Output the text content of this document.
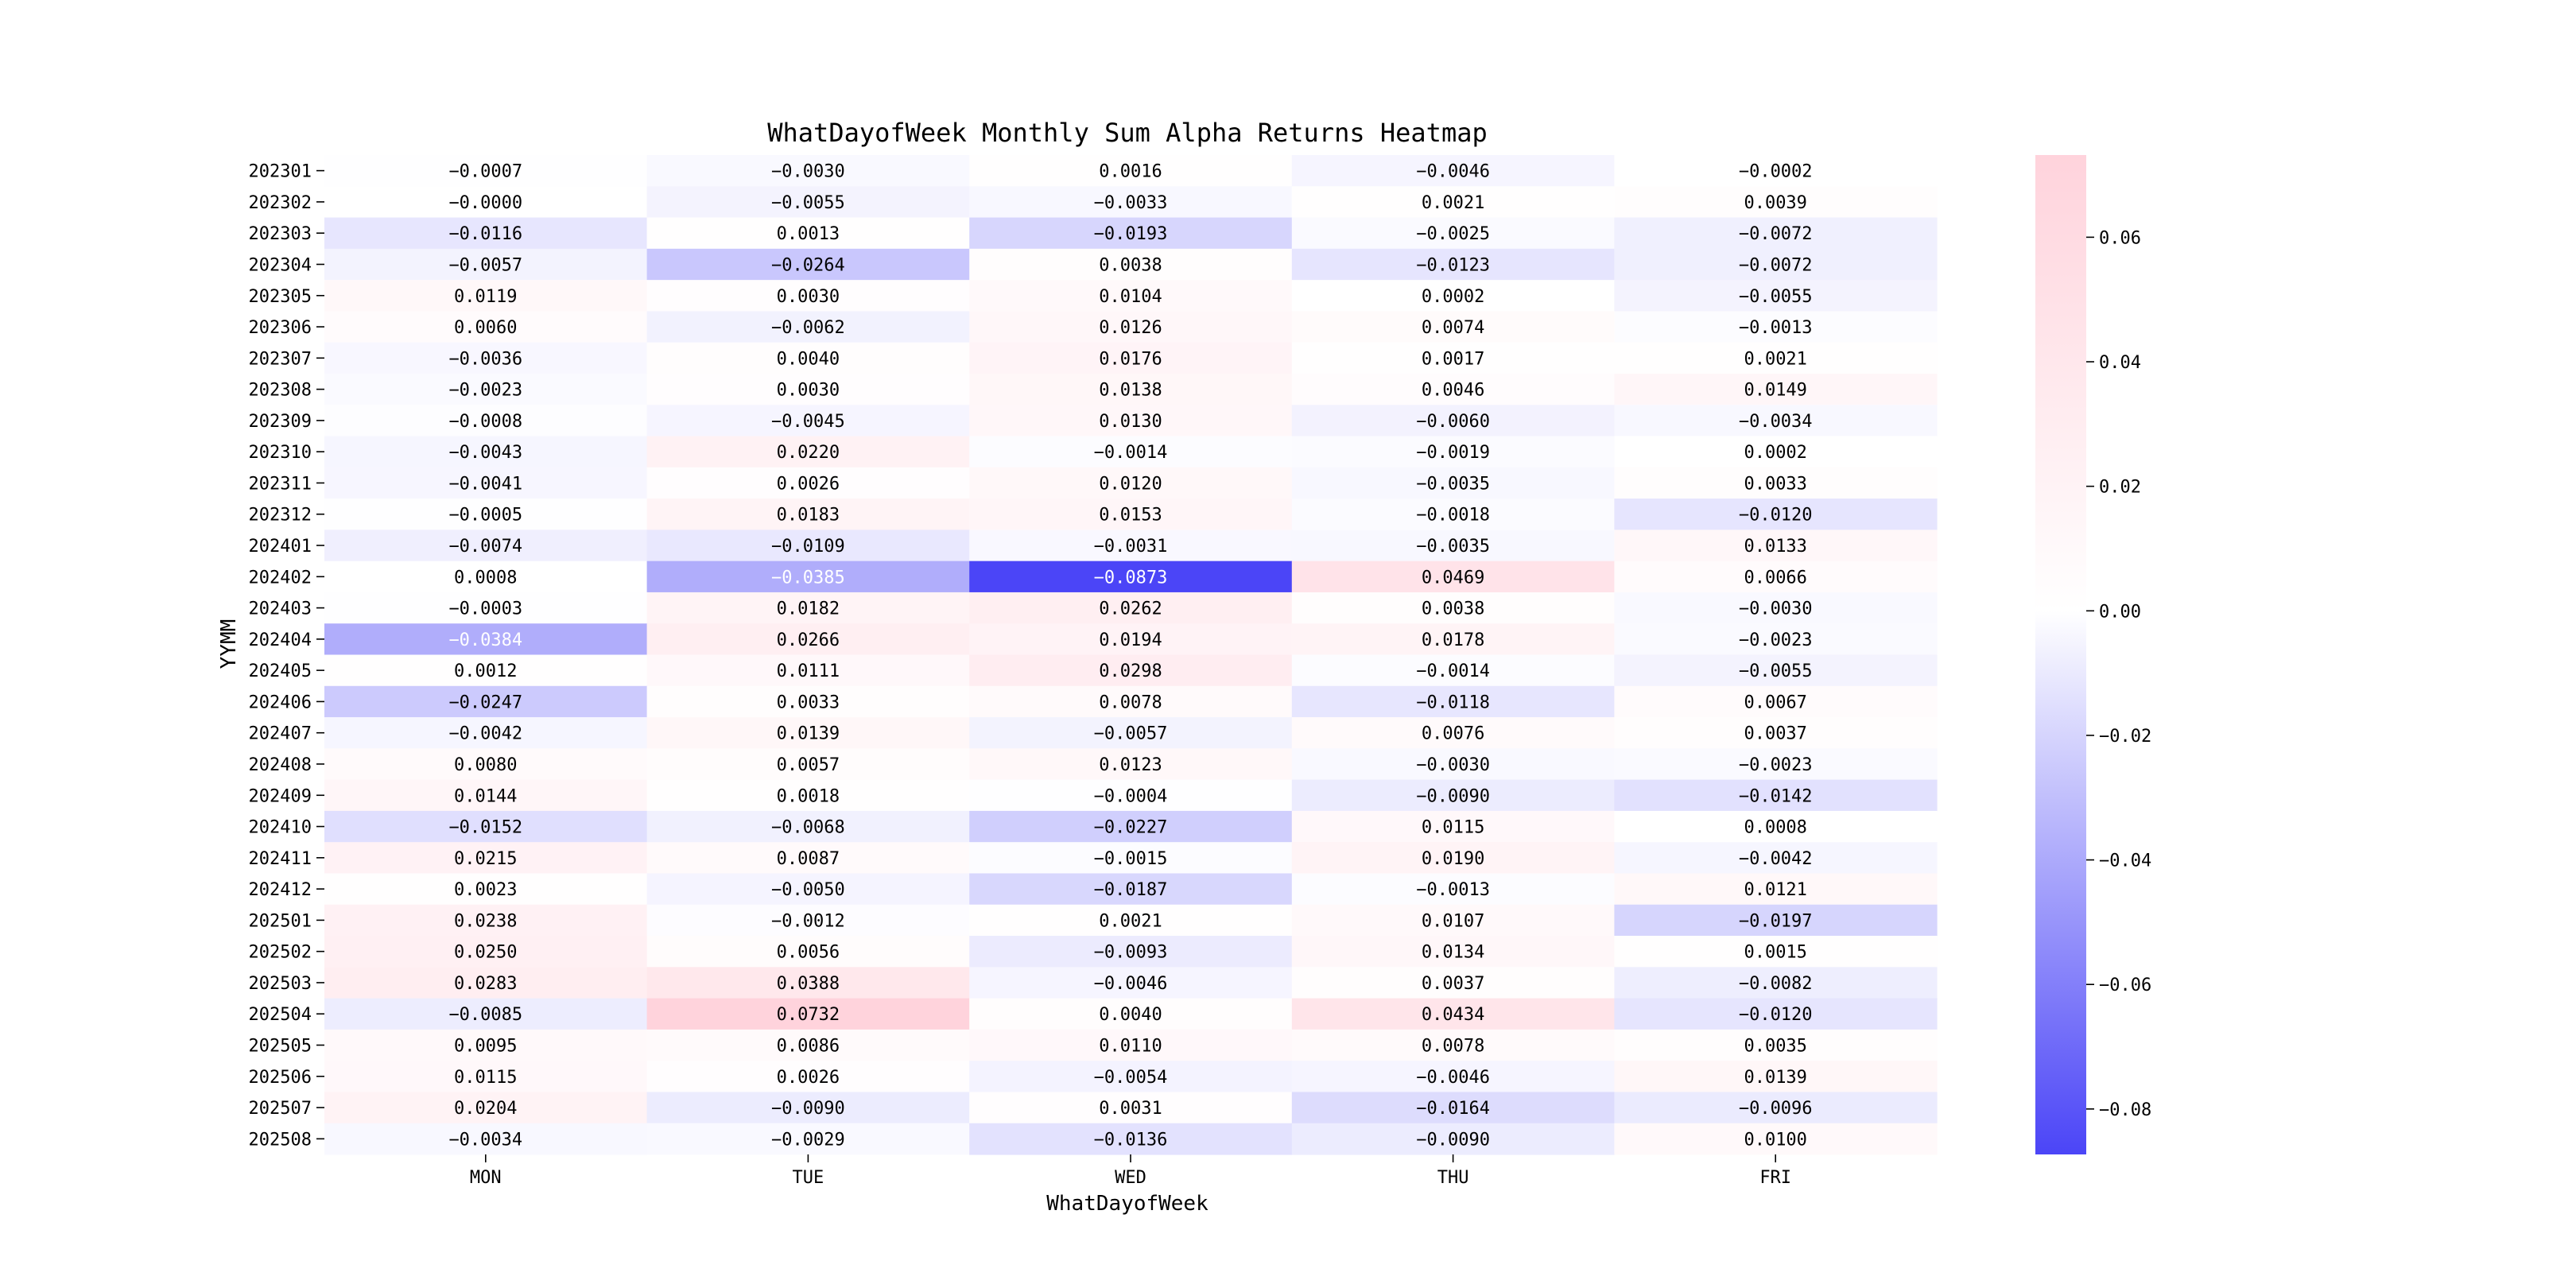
WhatDayofWeek Monthly Sum Alpha Returns Heatmap
−0.0007	−0.0030	0.0016	−0.0046	−0.0002
−0.0000	−0.0055	−0.0033	0.0021	0.0039
−0.0116	0.0013	−0.0193	−0.0025	−0.0072
−0.0057	−0.0264	0.0038	−0.0123	−0.0072
0.0119	0.0030	0.0104	0.0002	−0.0055
0.0060	−0.0062	0.0126	0.0074	−0.0013
−0.0036	0.0040	0.0176	0.0017	0.0021
−0.0023	0.0030	0.0138	0.0046	0.0149
−0.0008	−0.0045	0.0130	−0.0060	−0.0034
−0.0043	0.0220	−0.0014	−0.0019	0.0002
−0.0041	0.0026	0.0120	−0.0035	0.0033
−0.0005	0.0183	0.0153	−0.0018	−0.0120
−0.0074	−0.0109	−0.0031	−0.0035	0.0133
0.0008	−0.0385	−0.0873	0.0469	0.0066
−0.0003	0.0182	0.0262	0.0038	−0.0030
−0.0384	0.0266	0.0194	0.0178	−0.0023
0.0012	0.0111	0.0298	−0.0014	−0.0055
−0.0247	0.0033	0.0078	−0.0118	0.0067
−0.0042	0.0139	−0.0057	0.0076	0.0037
0.0080	0.0057	0.0123	−0.0030	−0.0023
0.0144	0.0018	−0.0004	−0.0090	−0.0142
−0.0152	−0.0068	−0.0227	0.0115	0.0008
0.0215	0.0087	−0.0015	0.0190	−0.0042
0.0023	−0.0050	−0.0187	−0.0013	0.0121
0.0238	−0.0012	0.0021	0.0107	−0.0197
0.0250	0.0056	−0.0093	0.0134	0.0015
0.0283	0.0388	−0.0046	0.0037	−0.0082
−0.0085	0.0732	0.0040	0.0434	−0.0120
0.0095	0.0086	0.0110	0.0078	0.0035
0.0115	0.0026	−0.0054	−0.0046	0.0139
0.0204	−0.0090	0.0031	−0.0164	−0.0096
−0.0034	−0.0029	−0.0136	−0.0090	0.0100
202301
202302
202303
202304
202305
202306
202307
202308
202309
202310
202311
202312
202401
202402
202403
202404
202405
202406
202407
202408
202409
202410
202411
202412
202501
202502
202503
202504
202505
202506
202507
202508
MON	TUE	WED	THU	FRI
WhatDayofWeek
YYMM
0.06
0.04
0.02
0.00
−0.02
−0.04
−0.06
−0.08
